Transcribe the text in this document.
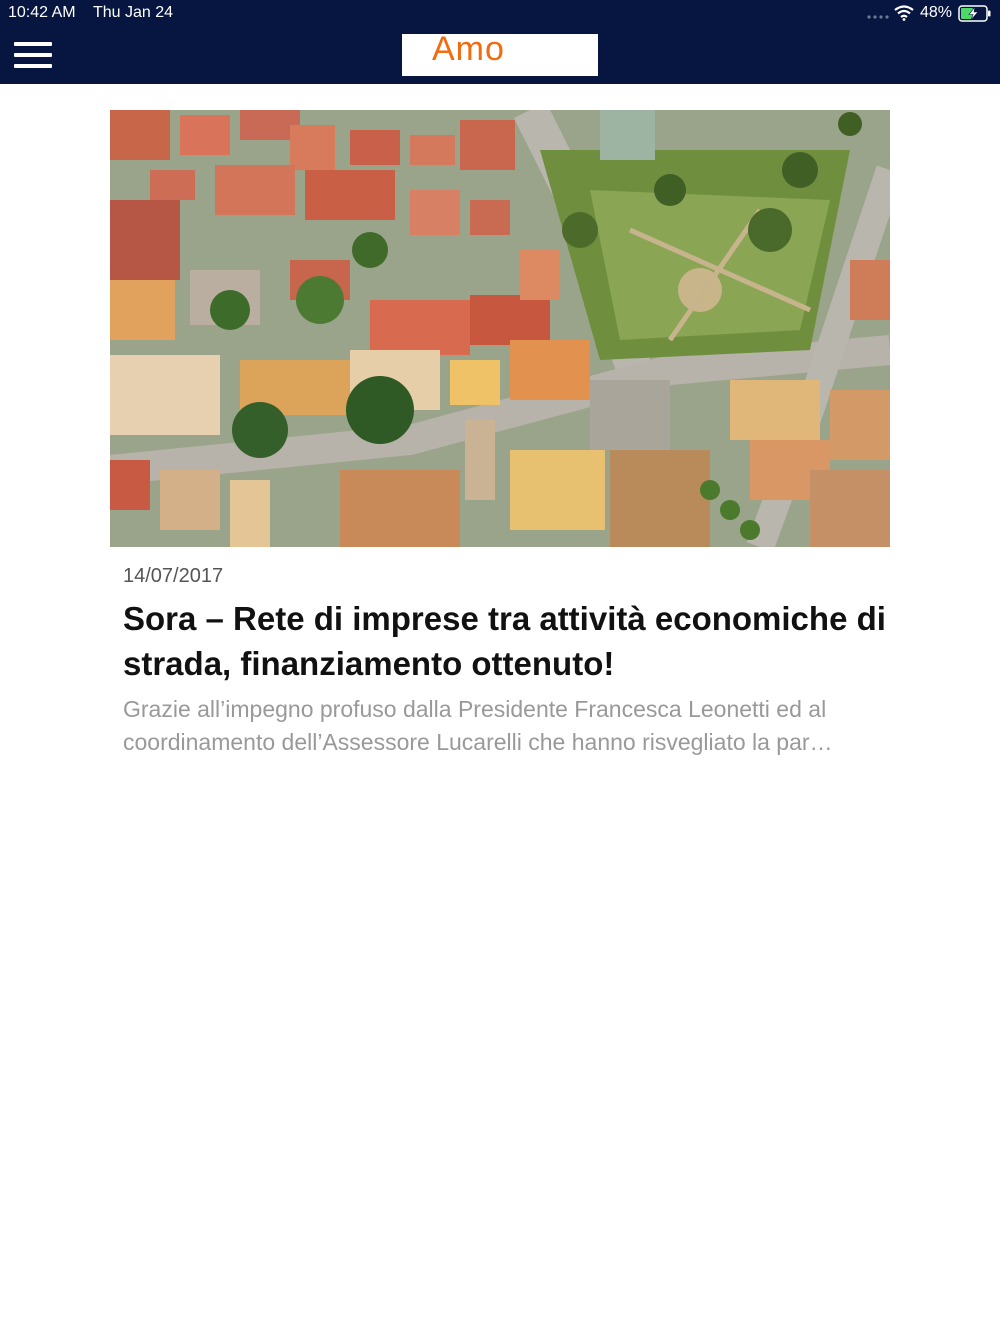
10:42 AM Thu Jan 24	48%
Amo
14/07/2017
Sora – Rete di imprese tra attività economiche di strada, finanziamento ottenuto!
Grazie all’impegno profuso dalla Presidente Francesca Leonetti ed al
coordinamento dell’Assessore Lucarelli che hanno risvegliato la par…
